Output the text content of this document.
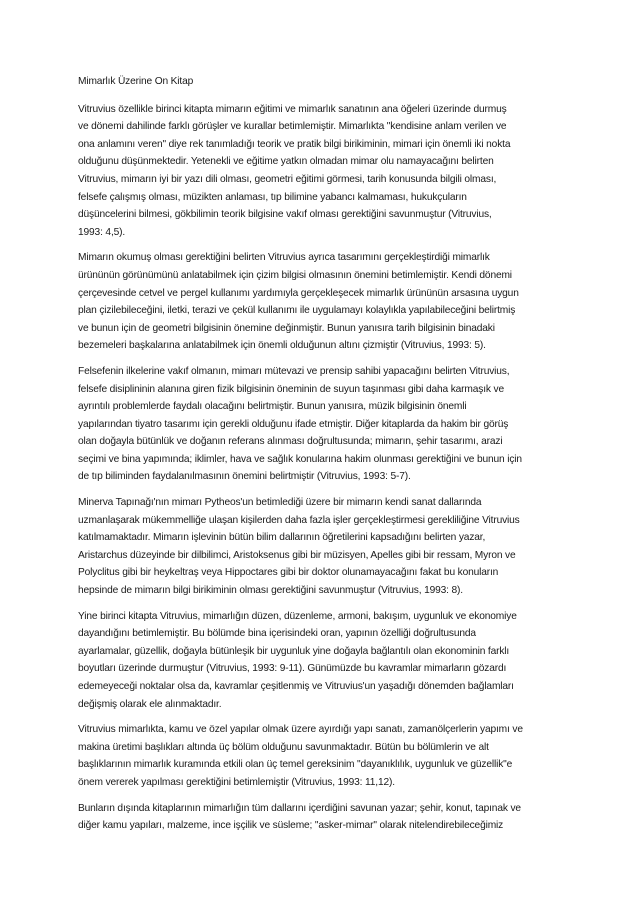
Mimarlık Üzerine On Kitap
Vitruvius özellikle birinci kitapta mimarın eğitimi ve mimarlık sanatının ana öğeleri üzerinde durmuş
ve dönemi dahilinde farklı görüşler ve kurallar betimlemiştir. Mimarlıkta "kendisine anlam verilen ve
ona anlamını veren" diye rek tanımladığı teorik ve pratik bilgi birikiminin, mimari için önemli iki nokta
olduğunu düşünmektedir. Yetenekli ve eğitime yatkın olmadan mimar olu namayacağını belirten
Vitruvius, mimarın iyi bir yazı dili olması, geometri eğitimi görmesi, tarih konusunda bilgili olması,
felsefe çalışmış olması, müzikten anlaması, tıp bilimine yabancı kalmaması, hukukçuların
düşüncelerini bilmesi, gökbilimin teorik bilgisine vakıf olması gerektiğini savunmuştur (Vitruvius,
1993: 4,5).
Mimarın okumuş olması gerektiğini belirten Vitruvius ayrıca tasarımını gerçekleştirdiği mimarlık
ürününün görünümünü anlatabilmek için çizim bilgisi olmasının önemini betimlemiştir. Kendi dönemi
çerçevesinde cetvel ve pergel kullanımı yardımıyla gerçekleşecek mimarlık ürününün arsasına uygun
plan çizilebileceğini, iletki, terazi ve çekül kullanımı ile uygulamayı kolaylıkla yapılabileceğini belirtmiş
ve bunun için de geometri bilgisinin önemine değinmiştir. Bunun yanısıra tarih bilgisinin binadaki
bezemeleri başkalarına anlatabilmek için önemli olduğunun altını çizmiştir (Vitruvius, 1993: 5).
Felsefenin ilkelerine vakıf olmanın, mimarı mütevazi ve prensip sahibi yapacağını belirten Vitruvius,
felsefe disiplininin alanına giren fizik bilgisinin öneminin de suyun taşınması gibi daha karmaşık ve
ayrıntılı problemlerde faydalı olacağını belirtmiştir. Bunun yanısıra, müzik bilgisinin önemli
yapılarından tiyatro tasarımı için gerekli olduğunu ifade etmiştir. Diğer kitaplarda da hakim bir görüş
olan doğayla bütünlük ve doğanın referans alınması doğrultusunda; mimarın, şehir tasarımı, arazi
seçimi ve bina yapımında; iklimler, hava ve sağlık konularına hakim olunması gerektiğini ve bunun için
de tıp biliminden faydalanılmasının önemini belirtmiştir (Vitruvius, 1993: 5-7).
Minerva Tapınağı'nın mimarı Pytheos'un betimlediği üzere bir mimarın kendi sanat dallarında
uzmanlaşarak mükemmelliğe ulaşan kişilerden daha fazla işler gerçekleştirmesi gerekliliğine Vitruvius
katılmamaktadır. Mimarın işlevinin bütün bilim dallarının öğretilerini kapsadığını belirten yazar,
Aristarchus düzeyinde bir dilbilimci, Aristoksenus gibi bir müzisyen, Apelles gibi bir ressam, Myron ve
Polyclitus gibi bir heykeltraş veya Hippoctares gibi bir doktor olunamayacağını fakat bu konuların
hepsinde de mimarın bilgi birikiminin olması gerektiğini savunmuştur (Vitruvius, 1993: 8).
Yine birinci kitapta Vitruvius, mimarlığın düzen, düzenleme, armoni, bakışım, uygunluk ve ekonomiye
dayandığını betimlemiştir. Bu bölümde bina içerisindeki oran, yapının özelliği doğrultusunda
ayarlamalar, güzellik, doğayla bütünleşik bir uygunluk yine doğayla bağlantılı olan ekonominin farklı
boyutları üzerinde durmuştur (Vitruvius, 1993: 9-11). Günümüzde bu kavramlar mimarların gözardı
edemeyeceği noktalar olsa da, kavramlar çeşitlenmiş ve Vitruvius'un yaşadığı dönemden bağlamları
değişmiş olarak ele alınmaktadır.
Vitruvius mimarlıkta, kamu ve özel yapılar olmak üzere ayırdığı yapı sanatı, zamanölçerlerin yapımı ve
makina üretimi başlıkları altında üç bölüm olduğunu savunmaktadır. Bütün bu bölümlerin ve alt
başlıklarının mimarlık kuramında etkili olan üç temel gereksinim "dayanıklılık, uygunluk ve güzellik"e
önem vererek yapılması gerektiğini betimlemiştir (Vitruvius, 1993: 11,12).
Bunların dışında kitaplarının mimarlığın tüm dallarını içerdiğini savunan yazar; şehir, konut, tapınak ve
diğer kamu yapıları, malzeme, ince işçilik ve süsleme; "asker-mimar" olarak nitelendirebileceğimiz
